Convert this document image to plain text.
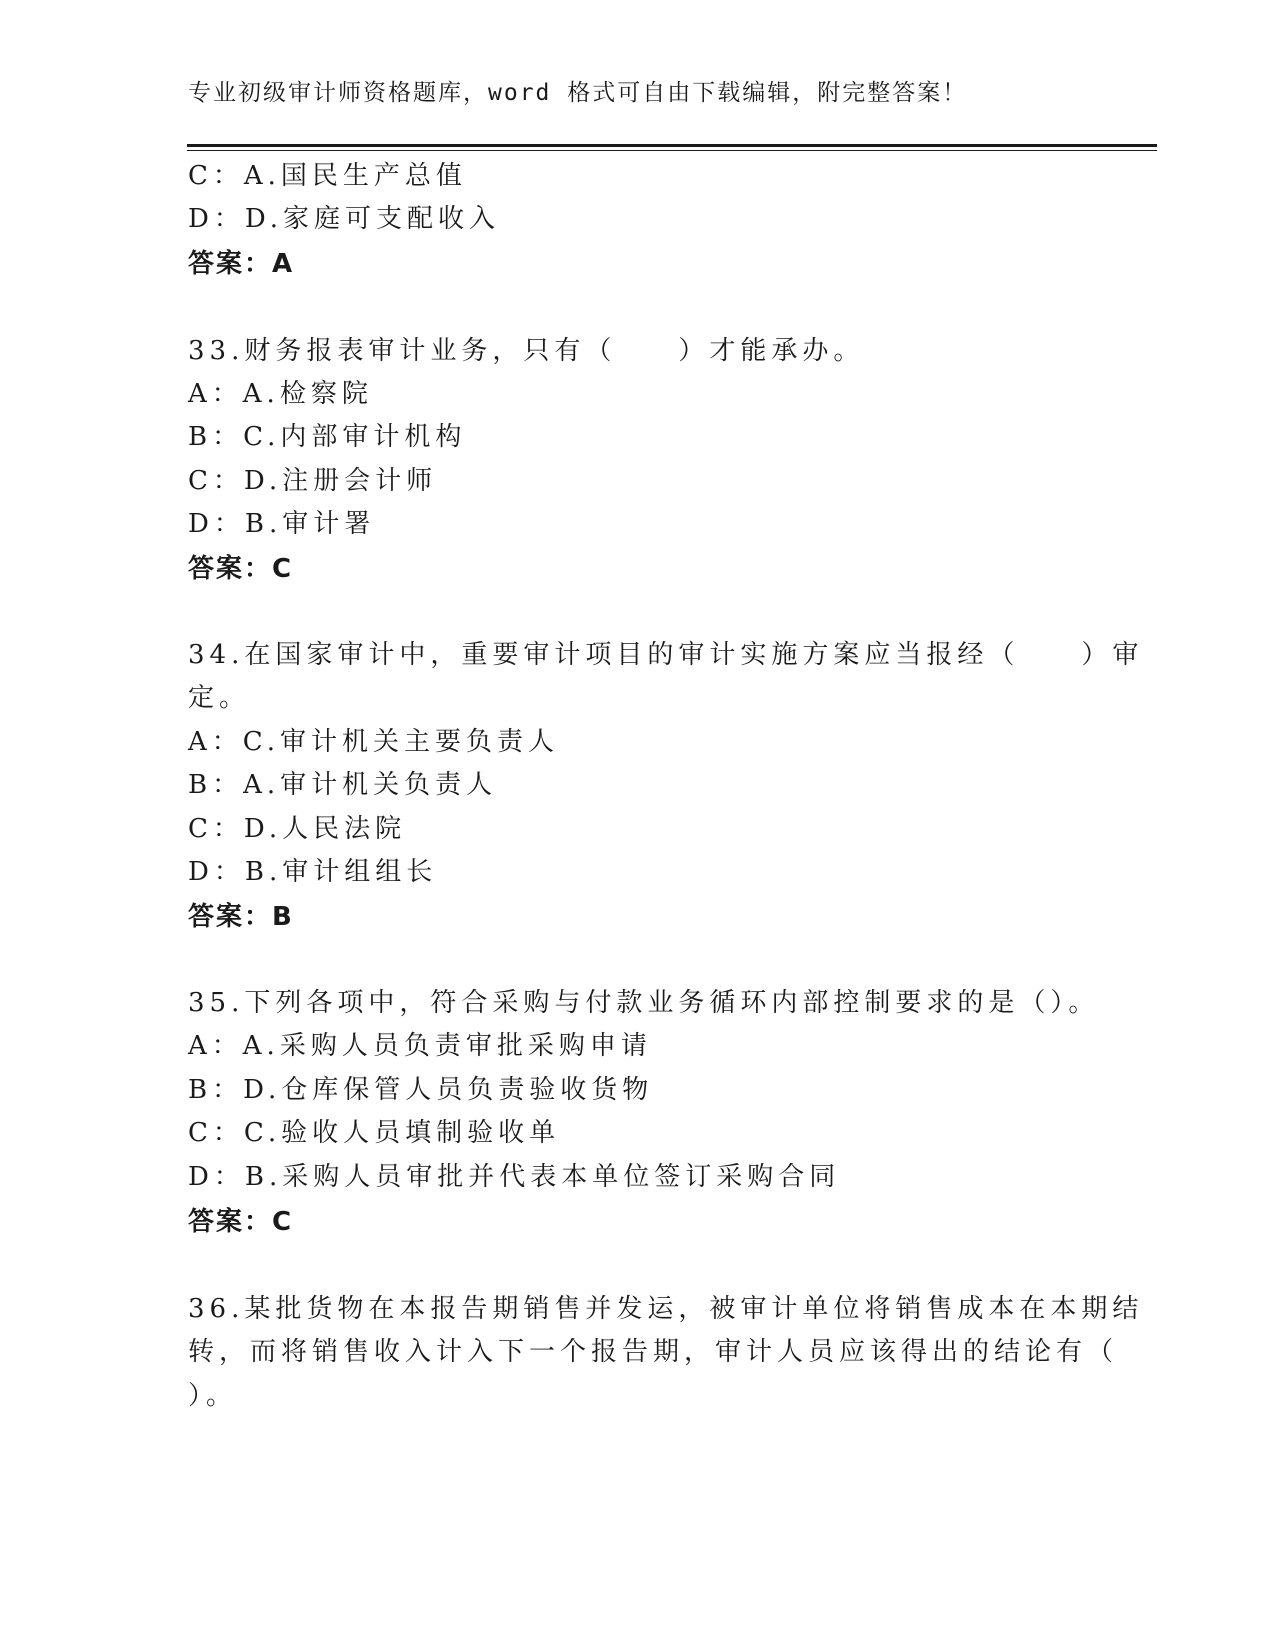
专业初级审计师资格题库，word 格式可自由下载编辑，附完整答案！
C：A.国民生产总值
D：D.家庭可支配收入
答案：A
33.财务报表审计业务，只有（　　）才能承办。
A：A.检察院
B：C.内部审计机构
C：D.注册会计师
D：B.审计署
答案：C
34.在国家审计中，重要审计项目的审计实施方案应当报经（　　）审
定。
A：C.审计机关主要负责人
B：A.审计机关负责人
C：D.人民法院
D：B.审计组组长
答案：B
35.下列各项中，符合采购与付款业务循环内部控制要求的是（）。
A：A.采购人员负责审批采购申请
B：D.仓库保管人员负责验收货物
C：C.验收人员填制验收单
D：B.采购人员审批并代表本单位签订采购合同
答案：C
36.某批货物在本报告期销售并发运，被审计单位将销售成本在本期结
转，而将销售收入计入下一个报告期，审计人员应该得出的结论有（
）。
